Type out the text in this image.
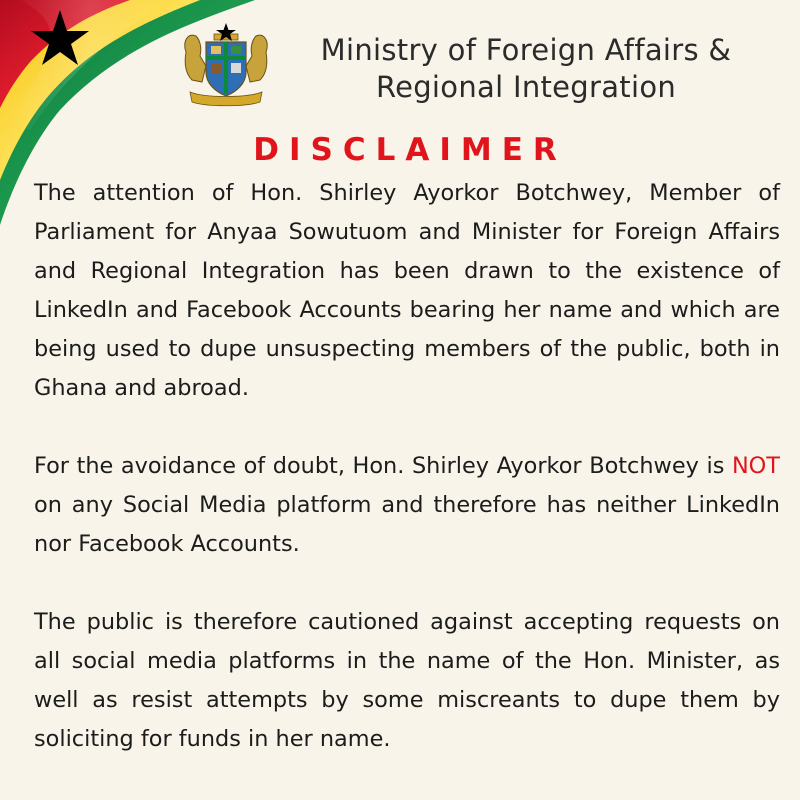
Ministry of Foreign Affairs &
Regional Integration
DISCLAIMER

The attention of Hon. Shirley Ayorkor Botchwey, Member of Parliament for Anyaa Sowutuom and Minister for Foreign Affairs and Regional Integration has been drawn to the existence of LinkedIn and Facebook Accounts bearing her name and which are being used to dupe unsuspecting members of the public, both in Ghana and abroad.

For the avoidance of doubt, Hon. Shirley Ayorkor Botchwey is NOT on any Social Media platform and therefore has neither LinkedIn nor Facebook Accounts.

The public is therefore cautioned against accepting requests on all social media platforms in the name of the Hon. Minister, as well as resist attempts by some miscreants to dupe them by soliciting for funds in her name.
